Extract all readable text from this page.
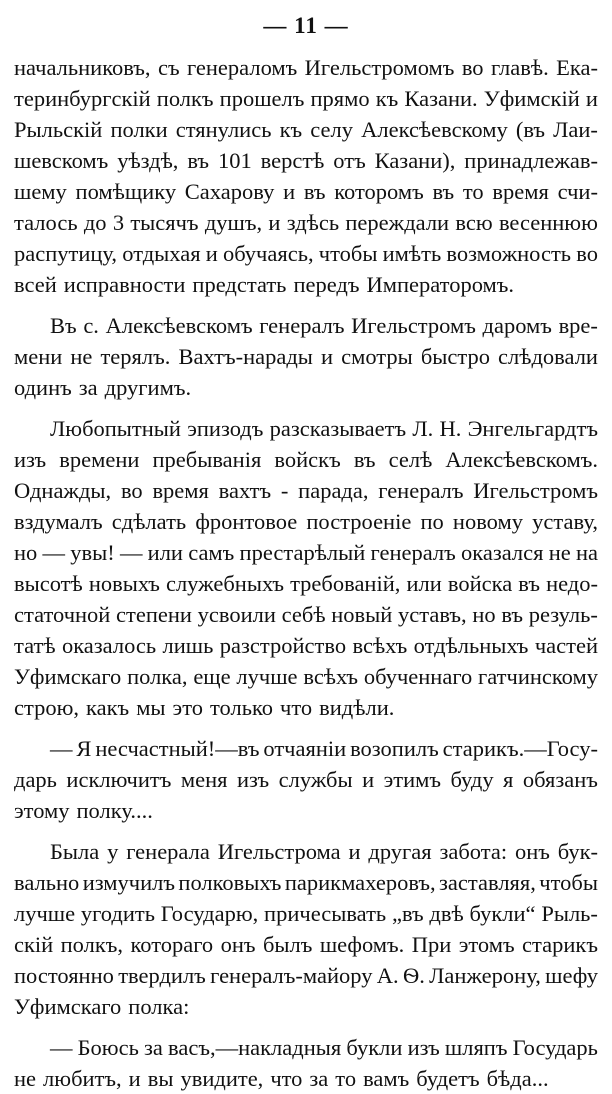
— 11 —
начальниковъ, съ генераломъ Игельстромомъ во главѣ. Ека-
теринбургскій полкъ прошелъ прямо къ Казани. Уфимскій и
Рыльскій полки стянулись къ селу Алексѣевскому (въ Лаи-
шевскомъ уѣздѣ, въ 101 верстѣ отъ Казани), принадлежав-
шему помѣщику Сахарову и въ которомъ въ то время счи-
талось до 3 тысячъ душъ, и здѣсь переждали всю весеннюю
распутицу, отдыхая и обучаясь, чтобы имѣть возможность во
всей исправности предстать передъ Императоромъ.
Въ с. Алексѣевскомъ генералъ Игельстромъ даромъ вре-
мени не терялъ. Вахтъ-нарады и смотры быстро слѣдовали
одинъ за другимъ.
Любопытный эпизодъ разсказываетъ Л. Н. Энгельгардтъ
изъ времени пребыванія войскъ въ селѣ Алексѣевскомъ.
Однажды, во время вахтъ - парада, генералъ Игельстромъ
вздумалъ сдѣлать фронтовое построеніе по новому уставу,
но — увы! — или самъ престарѣлый генералъ оказался не на
высотѣ новыхъ служебныхъ требованій, или войска въ недо-
статочной степени усвоили себѣ новый уставъ, но въ резуль-
татѣ оказалось лишь разстройство всѣхъ отдѣльныхъ частей
Уфимскаго полка, еще лучше всѣхъ обученнаго гатчинскому
строю, какъ мы это только что видѣли.
— Я несчастный!—въ отчаяніи возопилъ старикъ.—Госу-
дарь исключитъ меня изъ службы и этимъ буду я обязанъ
этому полку....
Была у генерала Игельстрома и другая забота: онъ бук-
вально измучилъ полковыхъ парикмахеровъ, заставляя, чтобы
лучше угодить Государю, причесывать „въ двѣ букли“ Рыль-
скій полкъ, котораго онъ былъ шефомъ. При этомъ старикъ
постоянно твердилъ генералъ-майору А. Ѳ. Ланжерону, шефу
Уфимскаго полка:
— Боюсь за васъ,—накладныя букли изъ шляпъ Государь
не любитъ, и вы увидите, что за то вамъ будетъ бѣда...
